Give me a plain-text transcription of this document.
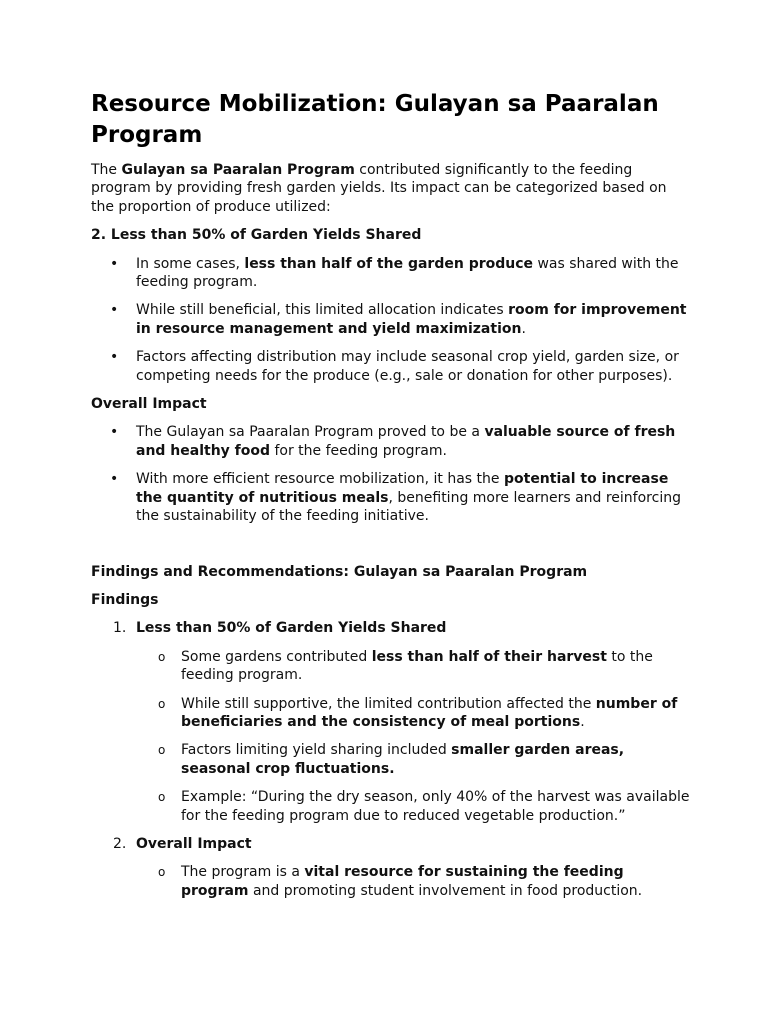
Resource Mobilization: Gulayan sa Paaralan Program

The Gulayan sa Paaralan Program contributed significantly to the feeding program by providing fresh garden yields. Its impact can be categorized based on the proportion of produce utilized:

2. Less than 50% of Garden Yields Shared

• In some cases, less than half of the garden produce was shared with the feeding program.
• While still beneficial, this limited allocation indicates room for improvement in resource management and yield maximization.
• Factors affecting distribution may include seasonal crop yield, garden size, or competing needs for the produce (e.g., sale or donation for other purposes).

Overall Impact

• The Gulayan sa Paaralan Program proved to be a valuable source of fresh and healthy food for the feeding program.
• With more efficient resource mobilization, it has the potential to increase the quantity of nutritious meals, benefiting more learners and reinforcing the sustainability of the feeding initiative.

Findings and Recommendations: Gulayan sa Paaralan Program

Findings

1. Less than 50% of Garden Yields Shared
o Some gardens contributed less than half of their harvest to the feeding program.
o While still supportive, the limited contribution affected the number of beneficiaries and the consistency of meal portions.
o Factors limiting yield sharing included smaller garden areas, seasonal crop fluctuations.
o Example: “During the dry season, only 40% of the harvest was available for the feeding program due to reduced vegetable production.”
2. Overall Impact
o The program is a vital resource for sustaining the feeding program and promoting student involvement in food production.
